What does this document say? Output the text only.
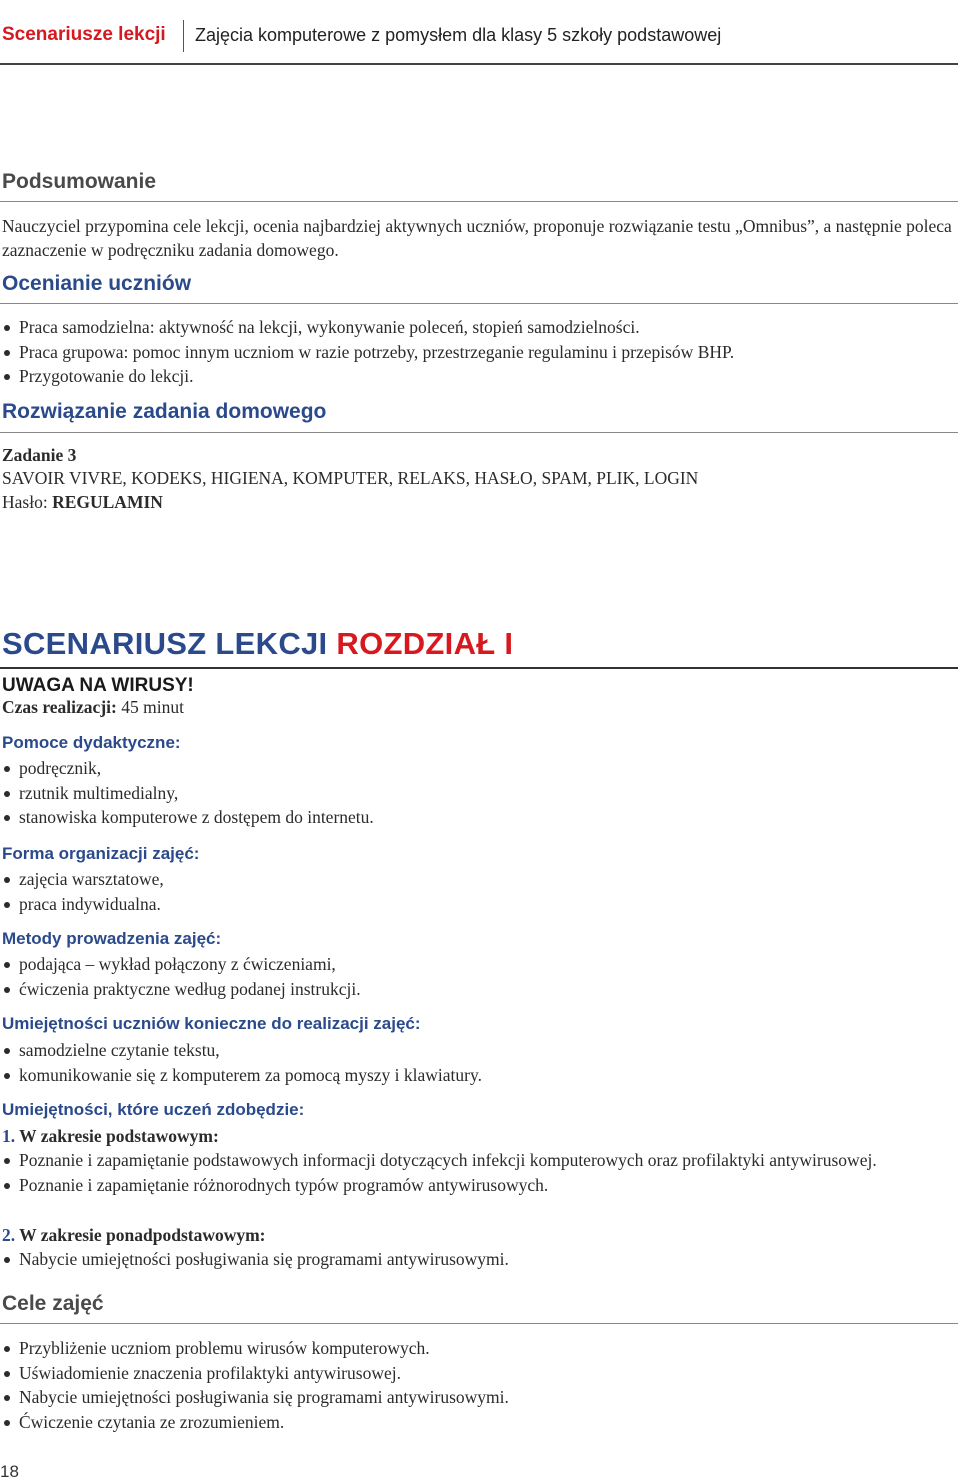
Scenariusze lekcji Zajęcia komputerowe z pomysłem dla klasy 5 szkoły podstawowej
Podsumowanie

Nauczyciel przypomina cele lekcji, ocenia najbardziej aktywnych uczniów, proponuje rozwiązanie testu „Omnibus”, a następnie poleca zaznaczenie w podręczniku zadania domowego.

Ocenianie uczniów
Praca samodzielna: aktywność na lekcji, wykonywanie poleceń, stopień samodzielności.
Praca grupowa: pomoc innym uczniom w razie potrzeby, przestrzeganie regulaminu i przepisów BHP.
Przygotowanie do lekcji.
Rozwiązanie zadania domowego

Zadanie 3

SAVOIR VIVRE, KODEKS, HIGIENA, KOMPUTER, RELAKS, HASŁO, SPAM, PLIK, LOGIN

Hasło: REGULAMIN

SCENARIUSZ LEKCJI ROZDZIAŁ I
UWAGA NA WIRUSY!

Czas realizacji: 45 minut

Pomoce dydaktyczne:
podręcznik,
rzutnik multimedialny,
stanowiska komputerowe z dostępem do internetu.
Forma organizacji zajęć:
zajęcia warsztatowe,
praca indywidualna.
Metody prowadzenia zajęć:
podająca – wykład połączony z ćwiczeniami,
ćwiczenia praktyczne według podanej instrukcji.
Umiejętności uczniów konieczne do realizacji zajęć:
samodzielne czytanie tekstu,
komunikowanie się z komputerem za pomocą myszy i klawiatury.
Umiejętności, które uczeń zdobędzie:

1. W zakresie podstawowym:

Poznanie i zapamiętanie podstawowych informacji dotyczących infekcji komputerowych oraz profilaktyki antywirusowej.
Poznanie i zapamiętanie różnorodnych typów programów antywirusowych.

2. W zakresie ponadpodstawowym:

Nabycie umiejętności posługiwania się programami antywirusowymi.
Cele zajęć
Przybliżenie uczniom problemu wirusów komputerowych.
Uświadomienie znaczenia profilaktyki antywirusowej.
Nabycie umiejętności posługiwania się programami antywirusowymi.
Ćwiczenie czytania ze zrozumieniem.
18
